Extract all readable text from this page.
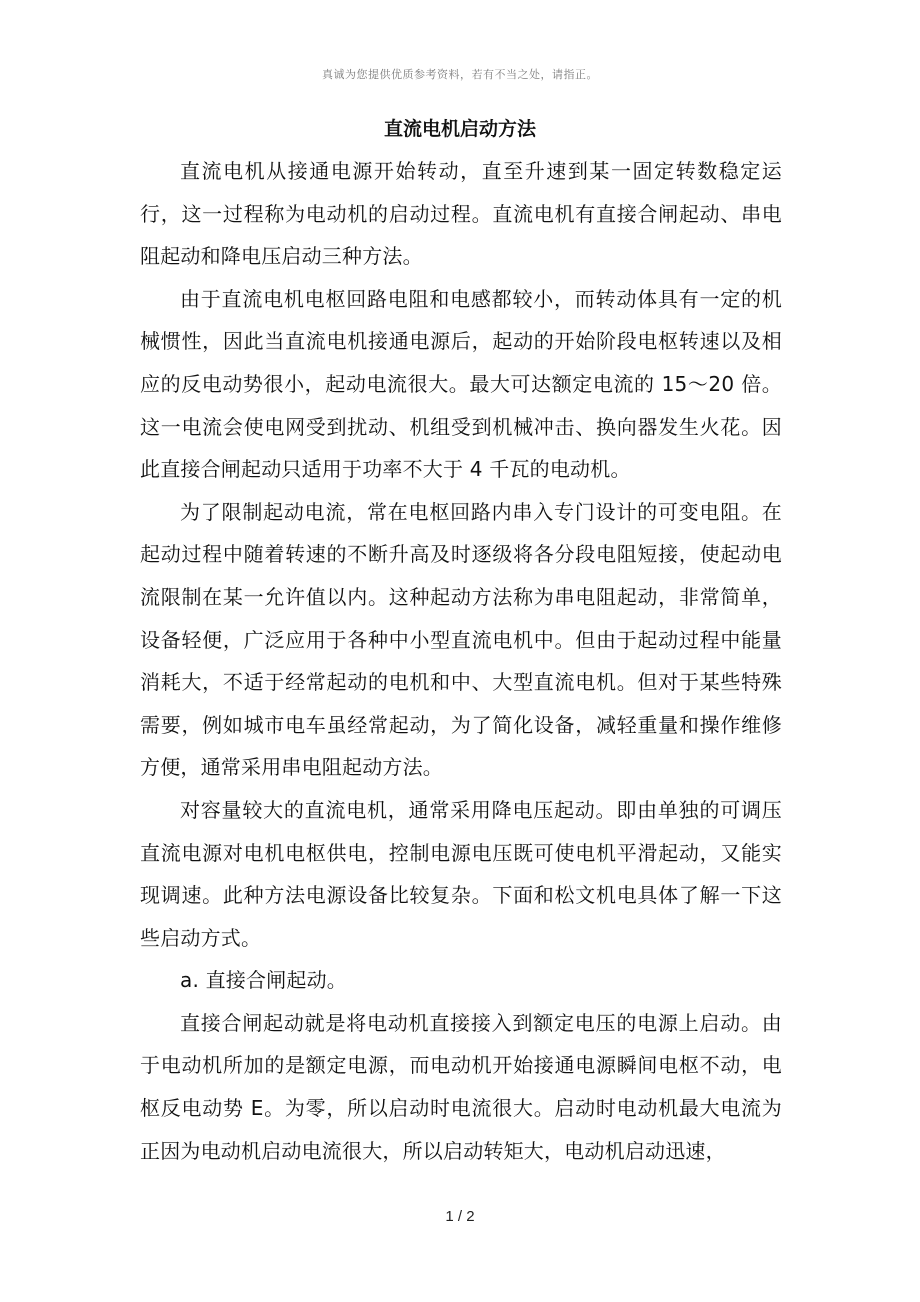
真诚为您提供优质参考资料，若有不当之处，请指正。
直流电机启动方法

直流电机从接通电源开始转动，直至升速到某一固定转数稳定运行，这一过程称为电动机的启动过程。直流电机有直接合闸起动、串电阻起动和降电压启动三种方法。

由于直流电机电枢回路电阻和电感都较小，而转动体具有一定的机械惯性，因此当直流电机接通电源后，起动的开始阶段电枢转速以及相应的反电动势很小，起动电流很大。最大可达额定电流的 15～20 倍。这一电流会使电网受到扰动、机组受到机械冲击、换向器发生火花。因此直接合闸起动只适用于功率不大于 4 千瓦的电动机。

为了限制起动电流，常在电枢回路内串入专门设计的可变电阻。在起动过程中随着转速的不断升高及时逐级将各分段电阻短接，使起动电流限制在某一允许值以内。这种起动方法称为串电阻起动，非常简单，设备轻便，广泛应用于各种中小型直流电机中。但由于起动过程中能量消耗大，不适于经常起动的电机和中、大型直流电机。但对于某些特殊需要，例如城市电车虽经常起动，为了简化设备，减轻重量和操作维修方便，通常采用串电阻起动方法。

对容量较大的直流电机，通常采用降电压起动。即由单独的可调压直流电源对电机电枢供电，控制电源电压既可使电机平滑起动，又能实现调速。此种方法电源设备比较复杂。下面和松文机电具体了解一下这些启动方式。

a. 直接合闸起动。

直接合闸起动就是将电动机直接接入到额定电压的电源上启动。由于电动机所加的是额定电源，而电动机开始接通电源瞬间电枢不动，电枢反电动势 E。为零，所以启动时电流很大。启动时电动机最大电流为正因为电动机启动电流很大，所以启动转矩大，电动机启动迅速，

1 / 2
